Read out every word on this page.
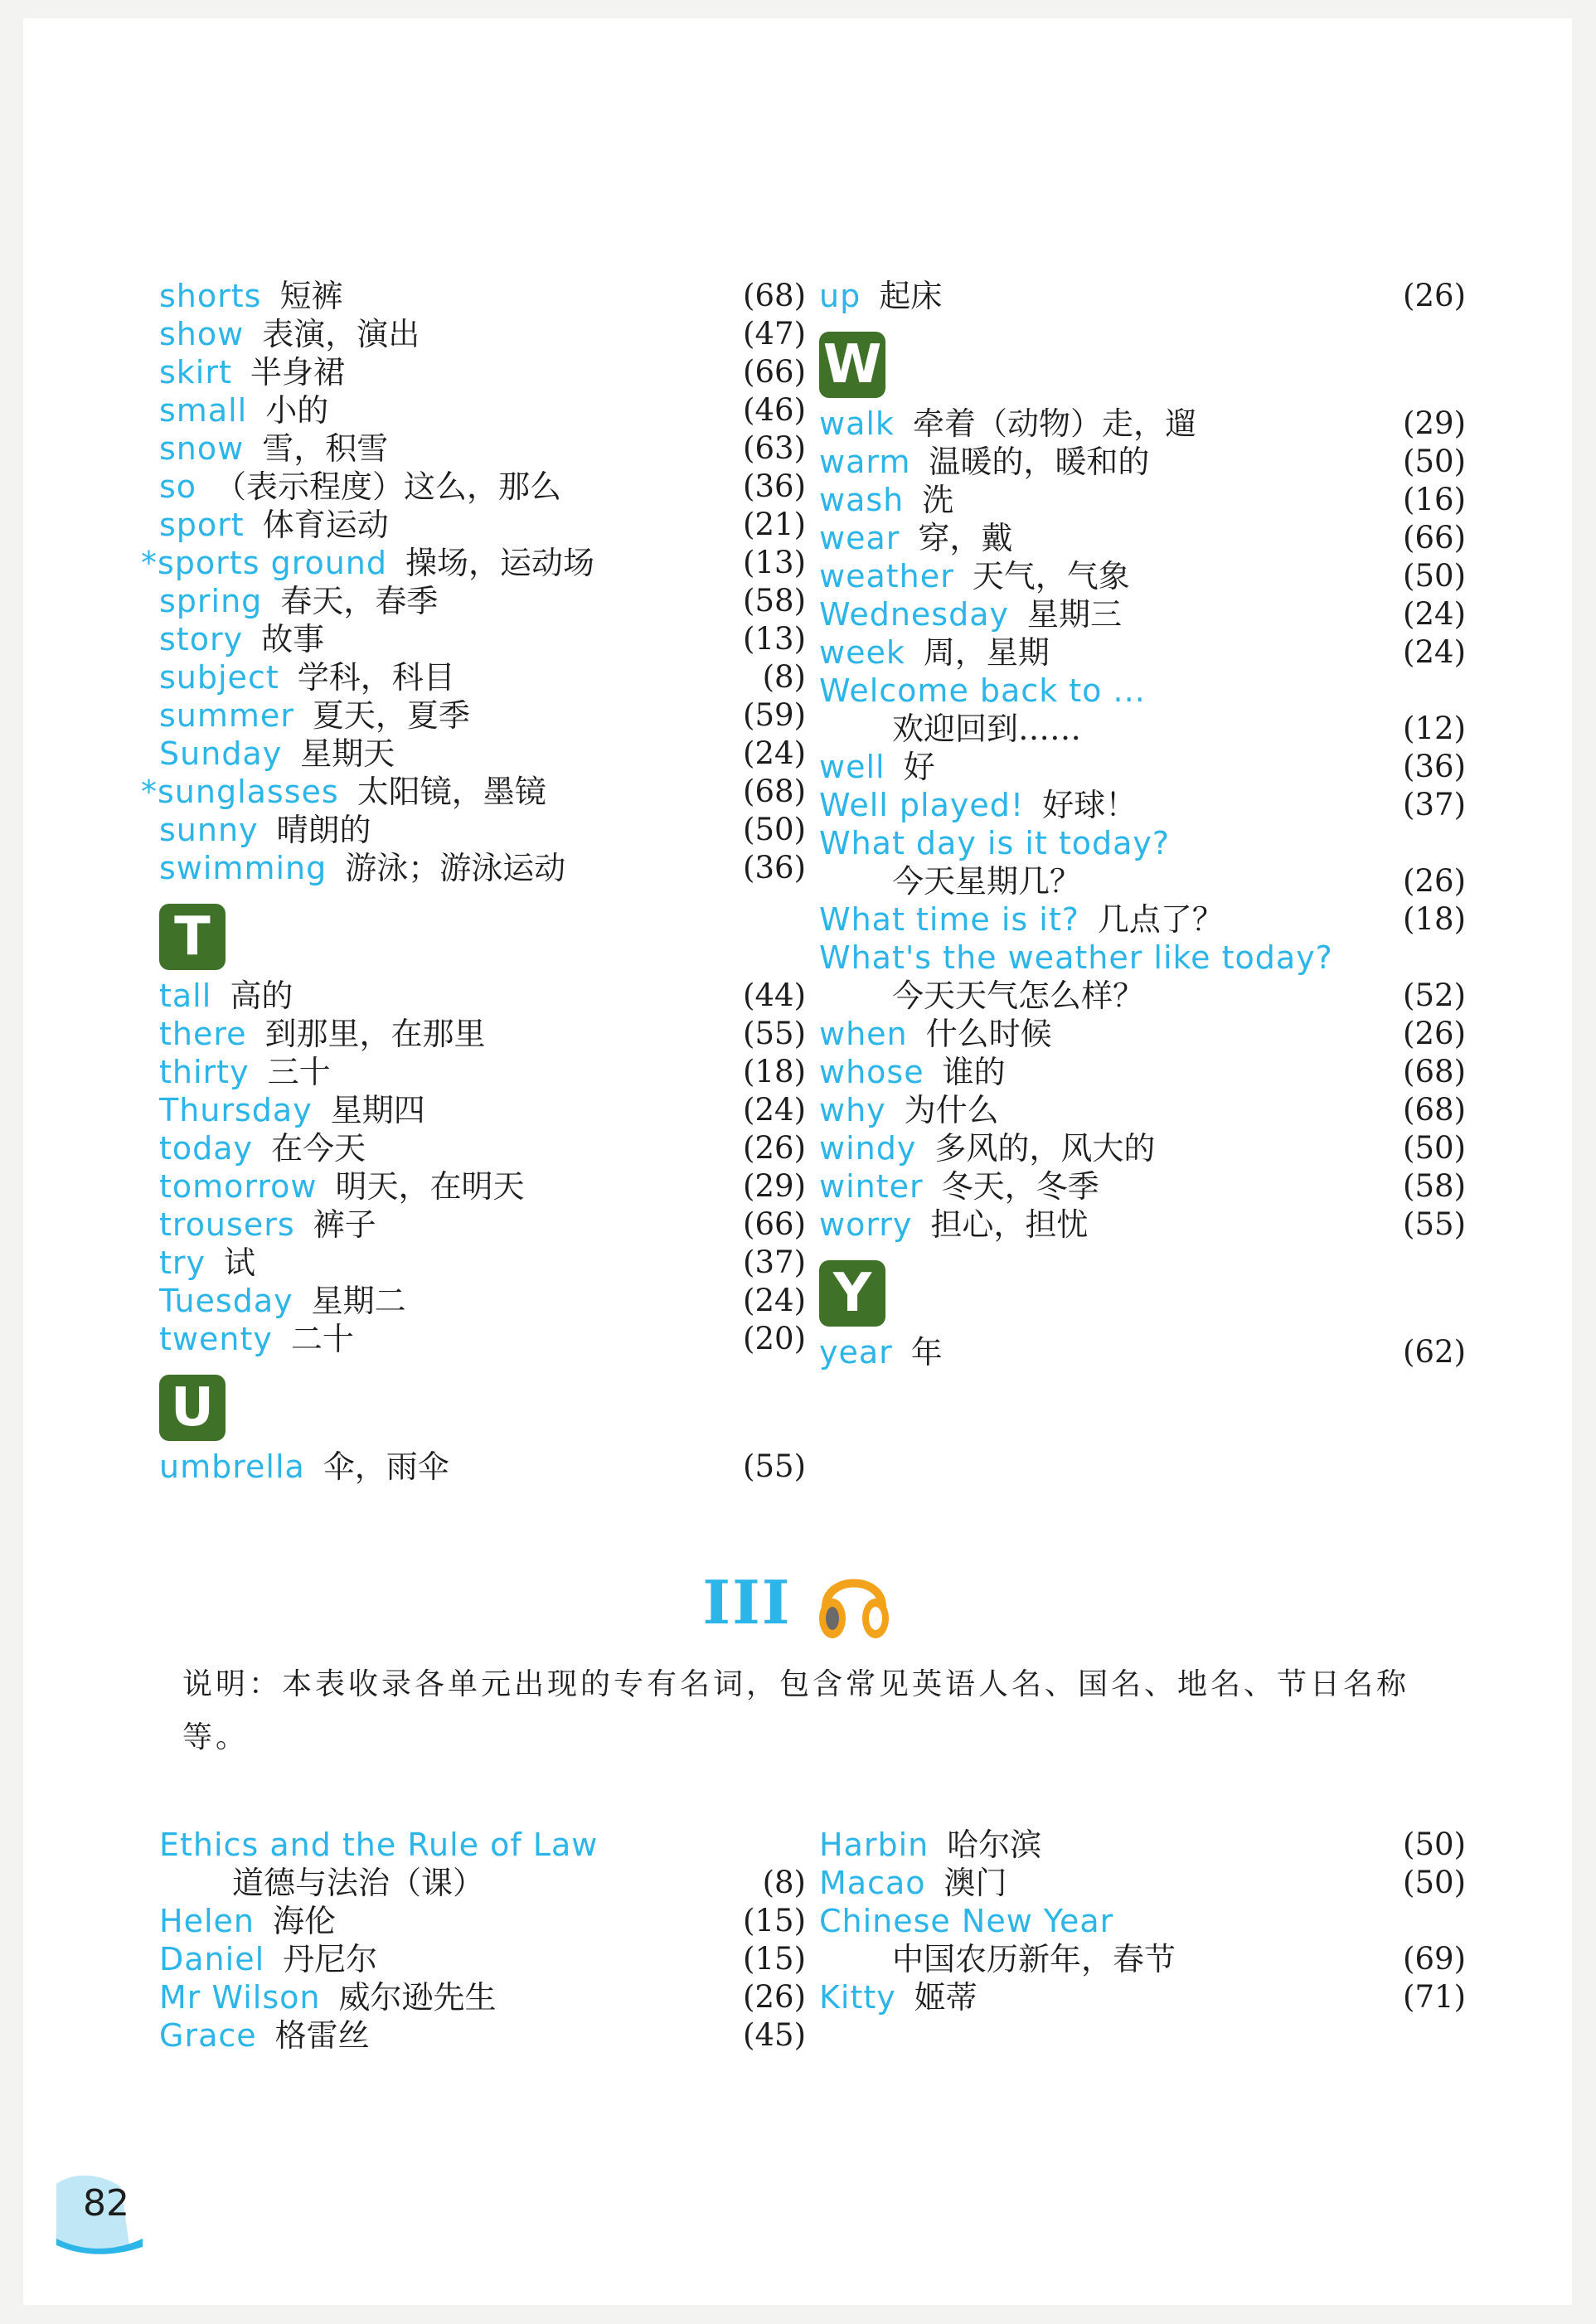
shorts 短裤	(68)
show 表演，演出	(47)
skirt 半身裙	(66)
small 小的	(46)
snow 雪，积雪	(63)
so （表示程度）这么，那么	(36)
sport 体育运动	(21)
*sports ground 操场，运动场	(13)
spring 春天，春季	(58)
story 故事	(13)
subject 学科，科目	(8)
summer 夏天，夏季	(59)
Sunday 星期天	(24)
*sunglasses 太阳镜，墨镜	(68)
sunny 晴朗的	(50)
swimming 游泳；游泳运动	(36)
T
tall 高的	(44)
there 到那里，在那里	(55)
thirty 三十	(18)
Thursday 星期四	(24)
today 在今天	(26)
tomorrow 明天，在明天	(29)
trousers 裤子	(66)
try 试	(37)
Tuesday 星期二	(24)
twenty 二十	(20)
U
umbrella 伞，雨伞	(55)
up 起床	(26)
W
walk 牵着（动物）走，遛	(29)
warm 温暖的，暖和的	(50)
wash 洗	(16)
wear 穿，戴	(66)
weather 天气，气象	(50)
Wednesday 星期三	(24)
week 周，星期	(24)
Welcome back to ...
欢迎回到……	(12)
well 好	(36)
Well played! 好球！	(37)
What day is it today?
今天星期几？	(26)
What time is it? 几点了？	(18)
What's the weather like today?
今天天气怎么样？	(52)
when 什么时候	(26)
whose 谁的	(68)
why 为什么	(68)
windy 多风的，风大的	(50)
winter 冬天，冬季	(58)
worry 担心，担忧	(55)
Y
year 年	(62)
III
说明：本表收录各单元出现的专有名词，包含常见英语人名、国名、地名、节日名称等。
Ethics and the Rule of Law
道德与法治（课）	(8)
Helen 海伦	(15)
Daniel 丹尼尔	(15)
Mr Wilson 威尔逊先生	(26)
Grace 格雷丝	(45)
Harbin 哈尔滨	(50)
Macao 澳门	(50)
Chinese New Year
中国农历新年，春节	(69)
Kitty 姬蒂	(71)
82
